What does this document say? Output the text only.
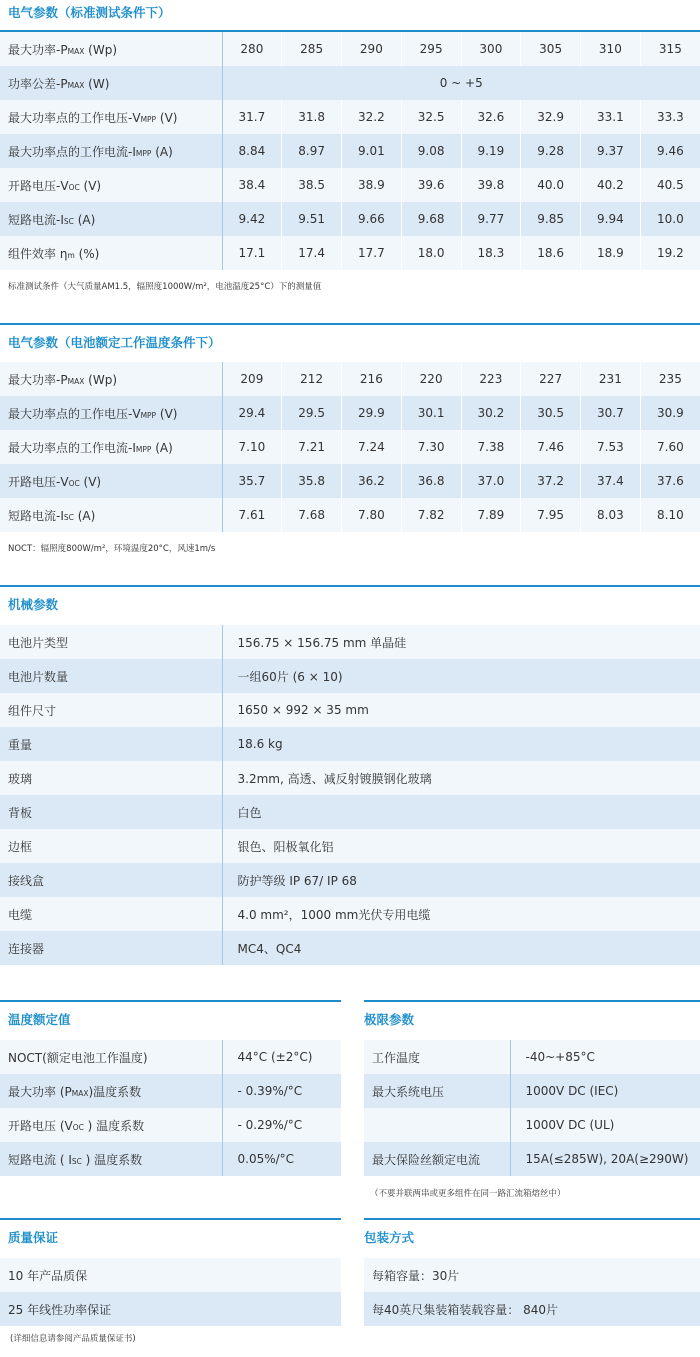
电气参数（标准测试条件下）
最大功率-PMAX (Wp)	280	285	290	295	300	305	310	315
功率公差-PMAX (W)	0 ~ +5							
最大功率点的工作电压-VMPP (V)	31.7	31.8	32.2	32.5	32.6	32.9	33.1	33.3
最大功率点的工作电流-IMPP (A)	8.84	8.97	9.01	9.08	9.19	9.28	9.37	9.46
开路电压-VOC (V)	38.4	38.5	38.9	39.6	39.8	40.0	40.2	40.5
短路电流-ISC (A)	9.42	9.51	9.66	9.68	9.77	9.85	9.94	10.0
组件效率 ηm (%)	17.1	17.4	17.7	18.0	18.3	18.6	18.9	19.2

标准测试条件（大气质量AM1.5，辐照度1000W/m²，电池温度25°C）下的测量值

电气参数（电池额定工作温度条件下）
最大功率-PMAX (Wp)	209	212	216	220	223	227	231	235
最大功率点的工作电压-VMPP (V)	29.4	29.5	29.9	30.1	30.2	30.5	30.7	30.9
最大功率点的工作电流-IMPP (A)	7.10	7.21	7.24	7.30	7.38	7.46	7.53	7.60
开路电压-VOC (V)	35.7	35.8	36.2	36.8	37.0	37.2	37.4	37.6
短路电流-ISC (A)	7.61	7.68	7.80	7.82	7.89	7.95	8.03	8.10

NOCT：辐照度800W/m²，环境温度20°C，风速1m/s

机械参数
电池片类型	156.75 × 156.75 mm 单晶硅
电池片数量	一组60片 (6 × 10)
组件尺寸	1650 × 992 × 35 mm
重量	18.6 kg
玻璃	3.2mm, 高透、减反射镀膜钢化玻璃
背板	白色
边框	银色、阳极氧化铝
接线盒	防护等级 IP 67/ IP 68
电缆	4.0 mm²，1000 mm光伏专用电缆
连接器	MC4、QC4
温度额定值
NOCT(额定电池工作温度)	44°C (±2°C)
最大功率 (PMAX)温度系数	- 0.39%/°C
开路电压 (VOC ) 温度系数	- 0.29%/°C
短路电流 ( ISC ) 温度系数	0.05%/°C
极限参数
工作温度	-40~+85°C
最大系统电压	1000V DC (IEC)
	1000V DC (UL)
最大保险丝额定电流	15A(≤285W), 20A(≥290W)

（不要并联两串或更多组件在同一路汇流箱熔丝中）

质量保证
10 年产品质保
25 年线性功率保证

(详细信息请参阅产品质量保证书)

包装方式
每箱容量：30片
每40英尺集装箱装载容量： 840片
